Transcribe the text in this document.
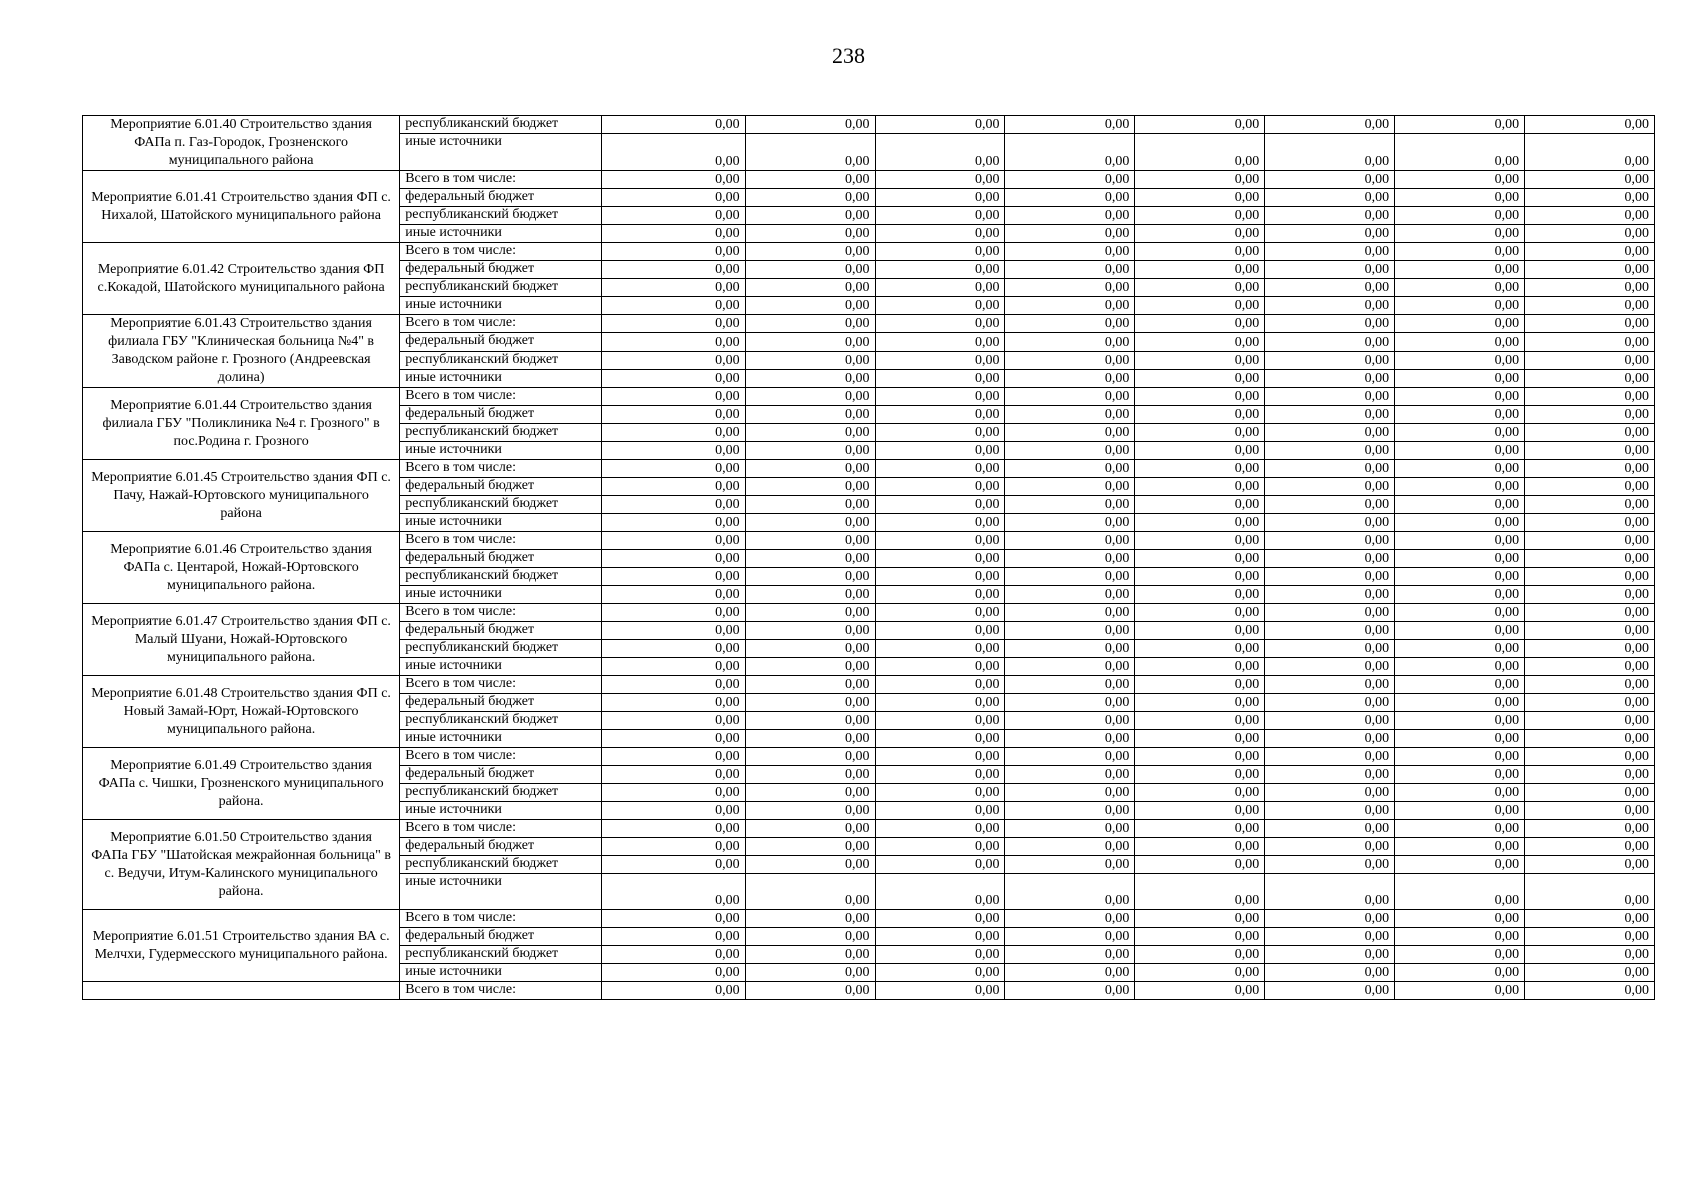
238
Мероприятие 6.01.40 Строительство здания ФАПа п. Газ-Городок, Грозненского муниципального района	республиканский бюджет	0,00	0,00	0,00	0,00	0,00	0,00	0,00	0,00
	иные источники	0,00	0,00	0,00	0,00	0,00	0,00	0,00	0,00
Мероприятие 6.01.41 Строительство здания ФП с. Нихалой, Шатойского муниципального района	Всего в том числе:	0,00	0,00	0,00	0,00	0,00	0,00	0,00	0,00
	федеральный бюджет	0,00	0,00	0,00	0,00	0,00	0,00	0,00	0,00
	республиканский бюджет	0,00	0,00	0,00	0,00	0,00	0,00	0,00	0,00
	иные источники	0,00	0,00	0,00	0,00	0,00	0,00	0,00	0,00
Мероприятие 6.01.42 Строительство здания ФП с.Кокадой, Шатойского муниципального района	Всего в том числе:	0,00	0,00	0,00	0,00	0,00	0,00	0,00	0,00
	федеральный бюджет	0,00	0,00	0,00	0,00	0,00	0,00	0,00	0,00
	республиканский бюджет	0,00	0,00	0,00	0,00	0,00	0,00	0,00	0,00
	иные источники	0,00	0,00	0,00	0,00	0,00	0,00	0,00	0,00
Мероприятие 6.01.43 Строительство здания филиала ГБУ "Клиническая больница №4" в Заводском районе г. Грозного (Андреевская долина)	Всего в том числе:	0,00	0,00	0,00	0,00	0,00	0,00	0,00	0,00
	федеральный бюджет	0,00	0,00	0,00	0,00	0,00	0,00	0,00	0,00
	республиканский бюджет	0,00	0,00	0,00	0,00	0,00	0,00	0,00	0,00
	иные источники	0,00	0,00	0,00	0,00	0,00	0,00	0,00	0,00
Мероприятие 6.01.44 Строительство здания филиала ГБУ "Поликлиника №4 г. Грозного" в пос.Родина г. Грозного	Всего в том числе:	0,00	0,00	0,00	0,00	0,00	0,00	0,00	0,00
	федеральный бюджет	0,00	0,00	0,00	0,00	0,00	0,00	0,00	0,00
	республиканский бюджет	0,00	0,00	0,00	0,00	0,00	0,00	0,00	0,00
	иные источники	0,00	0,00	0,00	0,00	0,00	0,00	0,00	0,00
Мероприятие 6.01.45 Строительство здания ФП с. Пачу, Нажай-Юртовского муниципального района	Всего в том числе:	0,00	0,00	0,00	0,00	0,00	0,00	0,00	0,00
	федеральный бюджет	0,00	0,00	0,00	0,00	0,00	0,00	0,00	0,00
	республиканский бюджет	0,00	0,00	0,00	0,00	0,00	0,00	0,00	0,00
	иные источники	0,00	0,00	0,00	0,00	0,00	0,00	0,00	0,00
Мероприятие 6.01.46 Строительство здания ФАПа с. Центарой, Ножай-Юртовского муниципального района.	Всего в том числе:	0,00	0,00	0,00	0,00	0,00	0,00	0,00	0,00
	федеральный бюджет	0,00	0,00	0,00	0,00	0,00	0,00	0,00	0,00
	республиканский бюджет	0,00	0,00	0,00	0,00	0,00	0,00	0,00	0,00
	иные источники	0,00	0,00	0,00	0,00	0,00	0,00	0,00	0,00
Мероприятие 6.01.47 Строительство здания ФП с. Малый Шуани, Ножай-Юртовского муниципального района.	Всего в том числе:	0,00	0,00	0,00	0,00	0,00	0,00	0,00	0,00
	федеральный бюджет	0,00	0,00	0,00	0,00	0,00	0,00	0,00	0,00
	республиканский бюджет	0,00	0,00	0,00	0,00	0,00	0,00	0,00	0,00
	иные источники	0,00	0,00	0,00	0,00	0,00	0,00	0,00	0,00
Мероприятие 6.01.48 Строительство здания ФП с. Новый Замай-Юрт, Ножай-Юртовского муниципального района.	Всего в том числе:	0,00	0,00	0,00	0,00	0,00	0,00	0,00	0,00
	федеральный бюджет	0,00	0,00	0,00	0,00	0,00	0,00	0,00	0,00
	республиканский бюджет	0,00	0,00	0,00	0,00	0,00	0,00	0,00	0,00
	иные источники	0,00	0,00	0,00	0,00	0,00	0,00	0,00	0,00
Мероприятие 6.01.49 Строительство здания ФАПа с. Чишки, Грозненского муниципального района.	Всего в том числе:	0,00	0,00	0,00	0,00	0,00	0,00	0,00	0,00
	федеральный бюджет	0,00	0,00	0,00	0,00	0,00	0,00	0,00	0,00
	республиканский бюджет	0,00	0,00	0,00	0,00	0,00	0,00	0,00	0,00
	иные источники	0,00	0,00	0,00	0,00	0,00	0,00	0,00	0,00
Мероприятие 6.01.50 Строительство здания ФАПа ГБУ "Шатойская межрайонная больница" в с. Ведучи, Итум-Калинского муниципального района.	Всего в том числе:	0,00	0,00	0,00	0,00	0,00	0,00	0,00	0,00
	федеральный бюджет	0,00	0,00	0,00	0,00	0,00	0,00	0,00	0,00
	республиканский бюджет	0,00	0,00	0,00	0,00	0,00	0,00	0,00	0,00
	иные источники	0,00	0,00	0,00	0,00	0,00	0,00	0,00	0,00
Мероприятие 6.01.51 Строительство здания ВА с. Мелчхи, Гудермесского муниципального района.	Всего в том числе:	0,00	0,00	0,00	0,00	0,00	0,00	0,00	0,00
	федеральный бюджет	0,00	0,00	0,00	0,00	0,00	0,00	0,00	0,00
	республиканский бюджет	0,00	0,00	0,00	0,00	0,00	0,00	0,00	0,00
	иные источники	0,00	0,00	0,00	0,00	0,00	0,00	0,00	0,00
	Всего в том числе:	0,00	0,00	0,00	0,00	0,00	0,00	0,00	0,00
